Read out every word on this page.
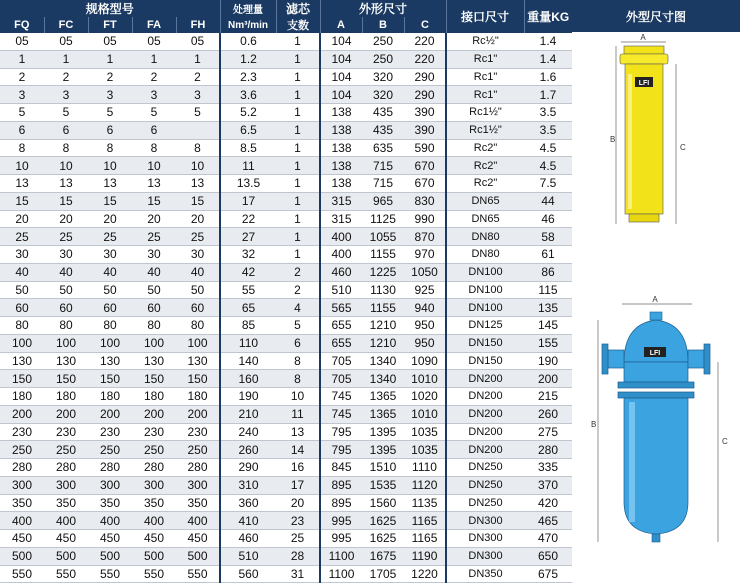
规格型号					处理量	滤芯	外形尺寸			接口尺寸	重量KG
FQ	FC	FT	FA	FH	Nm³/min	支数	A	B	C		
05	05	05	05	05	0.6	1	104	250	220	Rc½"	1.4
1	1	1	1	1	1.2	1	104	250	220	Rc1"	1.4
2	2	2	2	2	2.3	1	104	320	290	Rc1"	1.6
3	3	3	3	3	3.6	1	104	320	290	Rc1"	1.7
5	5	5	5	5	5.2	1	138	435	390	Rc1½"	3.5
6	6	6	6		6.5	1	138	435	390	Rc1½"	3.5
8	8	8	8	8	8.5	1	138	635	590	Rc2"	4.5
10	10	10	10	10	11	1	138	715	670	Rc2"	4.5
13	13	13	13	13	13.5	1	138	715	670	Rc2"	7.5
15	15	15	15	15	17	1	315	965	830	DN65	44
20	20	20	20	20	22	1	315	1125	990	DN65	46
25	25	25	25	25	27	1	400	1055	870	DN80	58
30	30	30	30	30	32	1	400	1155	970	DN80	61
40	40	40	40	40	42	2	460	1225	1050	DN100	86
50	50	50	50	50	55	2	510	1130	925	DN100	115
60	60	60	60	60	65	4	565	1155	940	DN100	135
80	80	80	80	80	85	5	655	1210	950	DN125	145
100	100	100	100	100	110	6	655	1210	950	DN150	155
130	130	130	130	130	140	8	705	1340	1090	DN150	190
150	150	150	150	150	160	8	705	1340	1010	DN200	200
180	180	180	180	180	190	10	745	1365	1020	DN200	215
200	200	200	200	200	210	11	745	1365	1010	DN200	260
230	230	230	230	230	240	13	795	1395	1035	DN200	275
250	250	250	250	250	260	14	795	1395	1035	DN200	280
280	280	280	280	280	290	16	845	1510	1110	DN250	335
300	300	300	300	300	310	17	895	1535	1120	DN250	370
350	350	350	350	350	360	20	895	1560	1135	DN250	420
400	400	400	400	400	410	23	995	1625	1165	DN300	465
450	450	450	450	450	460	25	995	1625	1165	DN300	470
500	500	500	500	500	510	28	1100	1675	1190	DN300	650
550	550	550	550	550	560	31	1100	1705	1220	DN350	675
外型尺寸图
A
LFI
B
C
A
LFI
B
C
